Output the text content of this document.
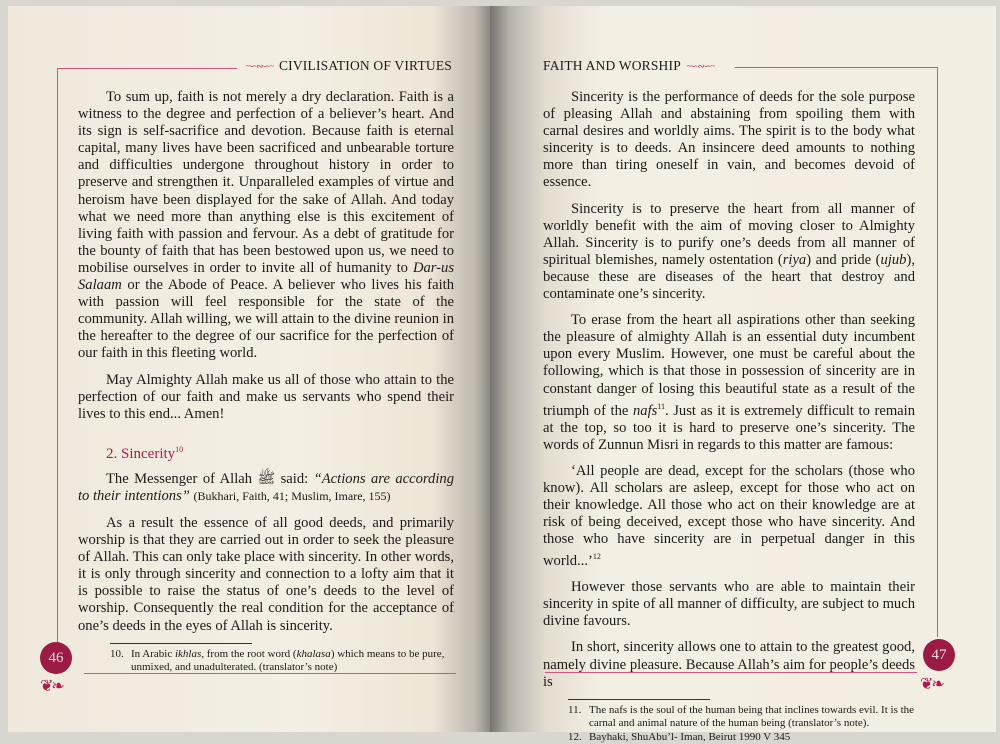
~∽∾∽~ CIVILISATION OF VIRTUES

To sum up, faith is not merely a dry declaration. Faith is a witness to the degree and perfection of a believer’s heart. And its sign is self-sacrifice and devotion. Because faith is eternal capital, many lives have been sacrificed and unbearable torture and difficulties undergone throughout history in order to preserve and strengthen it. Unparalleled examples of virtue and heroism have been displayed for the sake of Allah. And today what we need more than anything else is this excitement of living faith with passion and fervour. As a debt of gratitude for the bounty of faith that has been bestowed upon us, we need to mobilise ourselves in order to invite all of humanity to Dar-us Salaam or the Abode of Peace. A believer who lives his faith with passion will feel responsible for the state of the community. Allah willing, we will attain to the divine reunion in the hereafter to the degree of our sacrifice for the perfection of our faith in this fleeting world.

May Almighty Allah make us all of those who attain to the perfection of our faith and make us servants who spend their lives to this end... Amen!

2. Sincerity$^{10}$

The Messenger of Allah ﷺ said: “Actions are according to their intentions” (Bukhari, Faith, 41; Muslim, Imare, 155)

As a result the essence of all good deeds, and primarily worship is that they are carried out in order to seek the pleasure of Allah. This can only take place with sincerity. In other words, it is only through sincerity and connection to a lofty aim that it is possible to raise the status of one’s deeds to the level of worship. Consequently the real condition for the acceptance of one’s deeds in the eyes of Allah is sincerity.

10. In Arabic ikhlas, from the root word (khalasa) which means to be pure, unmixed, and unadulterated. (translator’s note)
46
❦❧
FAITH AND WORSHIP ~∽∾∽~

Sincerity is the performance of deeds for the sole purpose of pleasing Allah and abstaining from spoiling them with carnal desires and worldly aims. The spirit is to the body what sincerity is to deeds. An insincere deed amounts to nothing more than tiring oneself in vain, and becomes devoid of essence.

Sincerity is to preserve the heart from all manner of worldly benefit with the aim of moving closer to Almighty Allah. Sincerity is to purify one’s deeds from all manner of spiritual blemishes, namely ostentation (riya) and pride (ujub), because these are diseases of the heart that destroy and contaminate one’s sincerity.

To erase from the heart all aspirations other than seeking the pleasure of almighty Allah is an essential duty incumbent upon every Muslim. However, one must be careful about the following, which is that those in possession of sincerity are in constant danger of losing this beautiful state as a result of the triumph of the nafs$^{11}$. Just as it is extremely difficult to remain at the top, so too it is hard to preserve one’s sincerity. The words of Zunnun Misri in regards to this matter are famous:

‘All people are dead, except for the scholars (those who know). All scholars are asleep, except for those who act on their knowledge. All those who act on their knowledge are at risk of being deceived, except those who have sincerity. And those who have sincerity are in perpetual danger in this world...’$^{12}$

However those servants who are able to maintain their sincerity in spite of all manner of difficulty, are subject to much divine favours.

In short, sincerity allows one to attain to the greatest good, namely divine pleasure. Because Allah’s aim for people’s deeds is

11. The nafs is the soul of the human being that inclines towards evil. It is the carnal and animal nature of the human being (translator’s note).
12. Bayhaki, ShuAbu’l- Iman, Beirut 1990 V 345
47
❦❧
